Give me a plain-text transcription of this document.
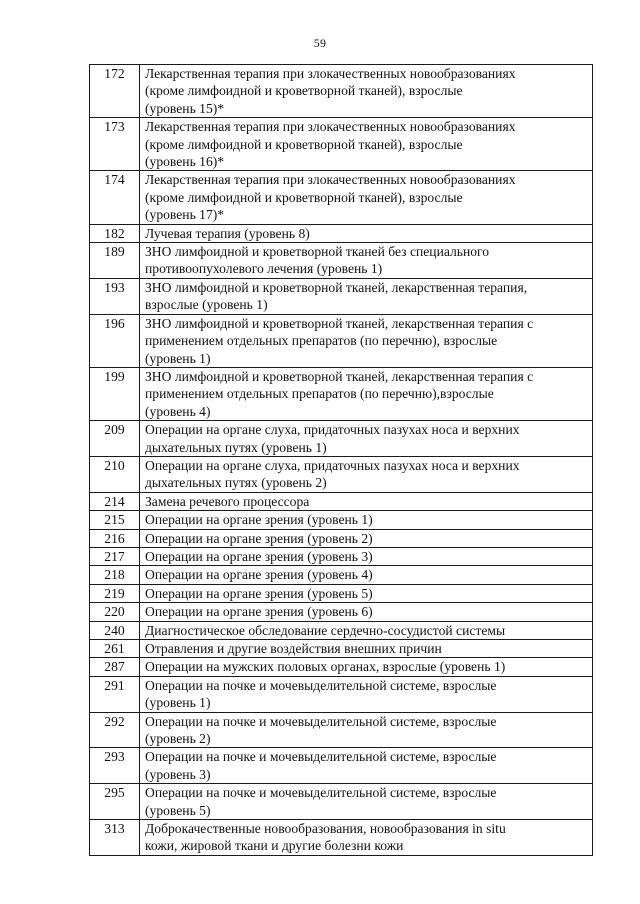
59
172	Лекарственная терапия при злокачественных новообразованиях
(кроме лимфоидной и кроветворной тканей), взрослые
(уровень 15)*

173	Лекарственная терапия при злокачественных новообразованиях
(кроме лимфоидной и кроветворной тканей), взрослые
(уровень 16)*

174	Лекарственная терапия при злокачественных новообразованиях
(кроме лимфоидной и кроветворной тканей), взрослые
(уровень 17)*

182	Лучевая терапия (уровень 8)

189	ЗНО лимфоидной и кроветворной тканей без специального
противоопухолевого лечения (уровень 1)

193	ЗНО лимфоидной и кроветворной тканей, лекарственная терапия,
взрослые (уровень 1)

196	ЗНО лимфоидной и кроветворной тканей, лекарственная терапия с
применением отдельных препаратов (по перечню), взрослые
(уровень 1)

199	ЗНО лимфоидной и кроветворной тканей, лекарственная терапия с
применением отдельных препаратов (по перечню),взрослые
(уровень 4)

209	Операции на органе слуха, придаточных пазухах носа и верхних
дыхательных путях (уровень 1)

210	Операции на органе слуха, придаточных пазухах носа и верхних
дыхательных путях (уровень 2)

214	Замена речевого процессора

215	Операции на органе зрения (уровень 1)

216	Операции на органе зрения (уровень 2)

217	Операции на органе зрения (уровень 3)

218	Операции на органе зрения (уровень 4)

219	Операции на органе зрения (уровень 5)

220	Операции на органе зрения (уровень 6)

240	Диагностическое обследование сердечно-сосудистой системы

261	Отравления и другие воздействия внешних причин

287	Операции на мужских половых органах, взрослые (уровень 1)

291	Операции на почке и мочевыделительной системе, взрослые
(уровень 1)

292	Операции на почке и мочевыделительной системе, взрослые
(уровень 2)

293	Операции на почке и мочевыделительной системе, взрослые
(уровень 3)

295	Операции на почке и мочевыделительной системе, взрослые
(уровень 5)

313	Доброкачественные новообразования, новообразования in situ
кожи, жировой ткани и другие болезни кожи
